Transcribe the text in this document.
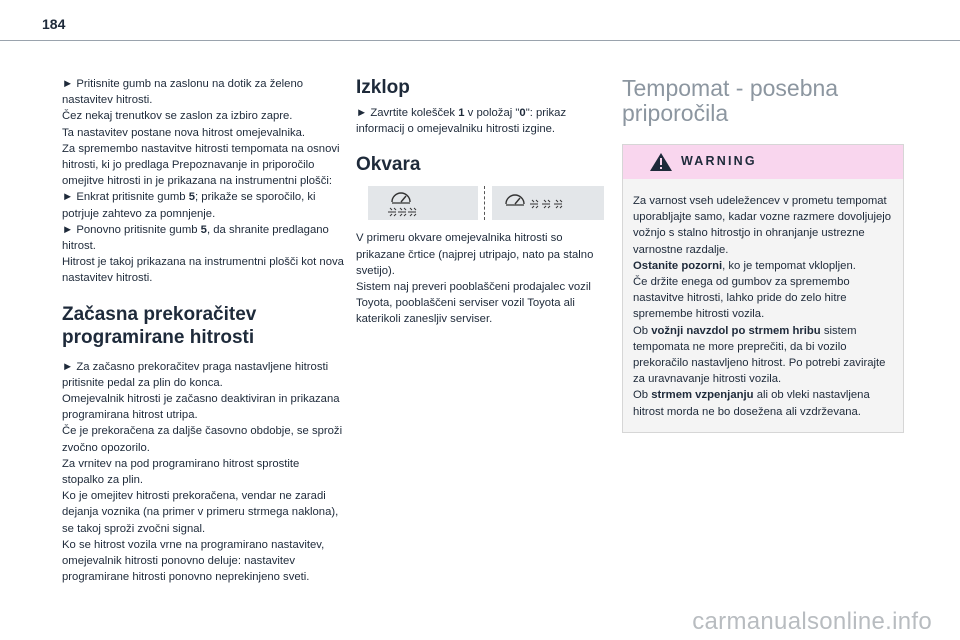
184

► Pritisnite gumb na zaslonu na dotik za želeno nastavitev hitrosti.
Čez nekaj trenutkov se zaslon za izbiro zapre.
Ta nastavitev postane nova hitrost omejevalnika.
Za spremembo nastavitve hitrosti tempomata na osnovi hitrosti, ki jo predlaga Prepoznavanje in priporočilo omejitve hitrosti in je prikazana na instrumentni plošči:

► Enkrat pritisnite gumb 5; prikaže se sporočilo, ki potrjuje zahtevo za pomnjenje.

► Ponovno pritisnite gumb 5, da shranite predlagano hitrost.
Hitrost je takoj prikazana na instrumentni plošči kot nova nastavitev hitrosti.

Začasna prekoračitev programirane hitrosti

► Za začasno prekoračitev praga nastavljene hitrosti pritisnite pedal za plin do konca.
Omejevalnik hitrosti je začasno deaktiviran in prikazana programirana hitrost utripa.
Če je prekoračena za daljše časovno obdobje, se sproži zvočno opozorilo.
Za vrnitev na pod programirano hitrost sprostite stopalko za plin.
Ko je omejitev hitrosti prekoračena, vendar ne zaradi dejanja voznika (na primer v primeru strmega naklona), se takoj sproži zvočni signal.
Ko se hitrost vozila vrne na programirano nastavitev, omejevalnik hitrosti ponovno deluje: nastavitev programirane hitrosti ponovno neprekinjeno sveti.

Izklop

► Zavrtite kolešček 1 v položaj "0": prikaz informacij o omejevalniku hitrosti izgine.

Okvara

V primeru okvare omejevalnika hitrosti so prikazane črtice (najprej utripajo, nato pa stalno svetijo).
Sistem naj preveri pooblaščeni prodajalec vozil Toyota, pooblaščeni serviser vozil Toyota ali katerikoli zanesljiv serviser.

Tempomat - posebna priporočila
WARNING

Za varnost vseh udeležencev v prometu tempomat uporabljajte samo, kadar vozne razmere dovoljujejo vožnjo s stalno hitrostjo in ohranjanje ustrezne varnostne razdalje.

Ostanite pozorni, ko je tempomat vklopljen.
Če držite enega od gumbov za spremembo nastavitve hitrosti, lahko pride do zelo hitre spremembe hitrosti vozila.

Ob vožnji navzdol po strmem hribu sistem tempomata ne more preprečiti, da bi vozilo prekoračilo nastavljeno hitrost. Po potrebi zavirajte za uravnavanje hitrosti vozila.

Ob strmem vzpenjanju ali ob vleki nastavljena hitrost morda ne bo dosežena ali vzdrževana.

carmanualsonline.info
